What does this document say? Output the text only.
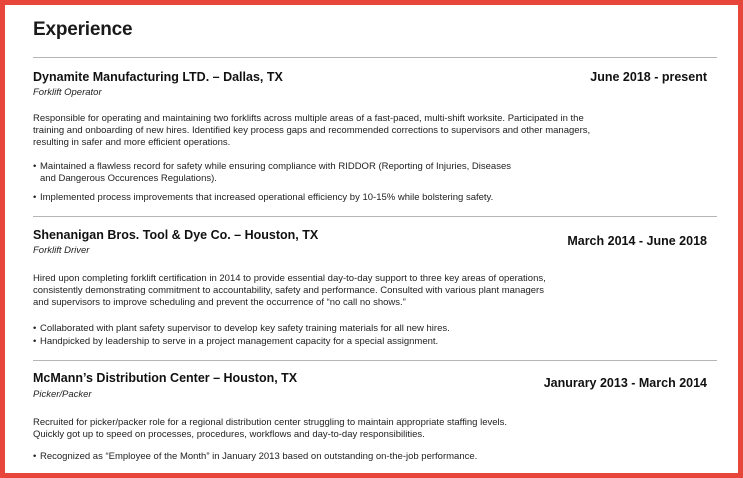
Experience
Dynamite Manufacturing LTD. – Dallas, TX	June 2018 - present
Forklift Operator
Responsible for operating and maintaining two forklifts across multiple areas of a fast-paced, multi-shift worksite. Participated in the
training and onboarding of new hires. Identified key process gaps and recommended corrections to supervisors and other managers,
resulting in safer and more efficient operations.
• Maintained a flawless record for safety while ensuring compliance with RIDDOR (Reporting of Injuries, Diseases
and Dangerous Occurences Regulations).
• Implemented process improvements that increased operational efficiency by 10-15% while bolstering safety.
Shenanigan Bros. Tool & Dye Co. – Houston, TX	March 2014 - June 2018
Forklift Driver
Hired upon completing forklift certification in 2014 to provide essential day-to-day support to three key areas of operations,
consistently demonstrating commitment to accountability, safety and performance. Consulted with various plant managers
and supervisors to improve scheduling and prevent the occurrence of “no call no shows.”
• Collaborated with plant safety supervisor to develop key safety training materials for all new hires.
• Handpicked by leadership to serve in a project management capacity for a special assignment.
McMann’s Distribution Center – Houston, TX	Janurary 2013 - March 2014
Picker/Packer
Recruited for picker/packer role for a regional distribution center struggling to maintain appropriate staffing levels.
Quickly got up to speed on processes, procedures, workflows and day-to-day responsibilities.
• Recognized as “Employee of the Month” in January 2013 based on outstanding on-the-job performance.
